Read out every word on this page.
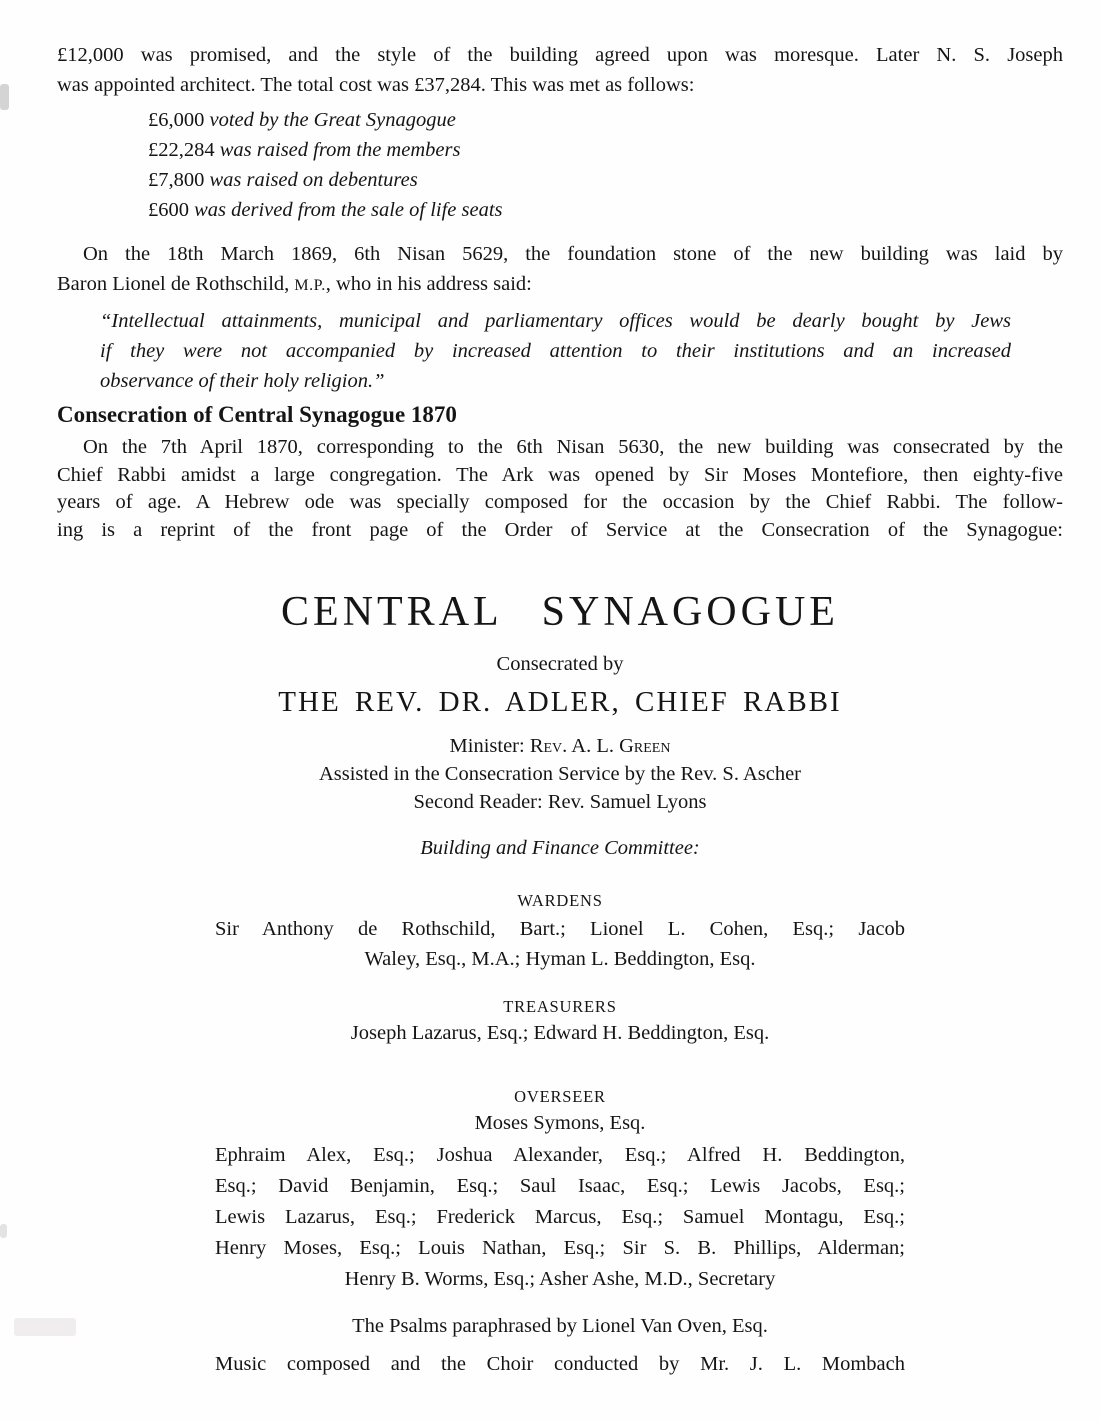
£12,000 was promised, and the style of the building agreed upon was moresque. Later N. S. Joseph
was appointed architect. The total cost was £37,284. This was met as follows:
£6,000 voted by the Great Synagogue
£22,284 was raised from the members
£7,800 was raised on debentures
£600 was derived from the sale of life seats
On the 18th March 1869, 6th Nisan 5629, the foundation stone of the new building was laid by
Baron Lionel de Rothschild, M.P., who in his address said:
“Intellectual attainments, municipal and parliamentary offices would be dearly bought by Jews
if they were not accompanied by increased attention to their institutions and an increased
observance of their holy religion.”
Consecration of Central Synagogue 1870
On the 7th April 1870, corresponding to the 6th Nisan 5630, the new building was consecrated by the
Chief Rabbi amidst a large congregation. The Ark was opened by Sir Moses Montefiore, then eighty-five
years of age. A Hebrew ode was specially composed for the occasion by the Chief Rabbi. The follow-
ing is a reprint of the front page of the Order of Service at the Consecration of the Synagogue:
CENTRAL SYNAGOGUE
Consecrated by
THE REV. DR. ADLER, CHIEF RABBI
Minister: Rev. A. L. Green
Assisted in the Consecration Service by the Rev. S. Ascher
Second Reader: Rev. Samuel Lyons
Building and Finance Committee:
WARDENS
Sir Anthony de Rothschild, Bart.; Lionel L. Cohen, Esq.; Jacob
Waley, Esq., M.A.; Hyman L. Beddington, Esq.
TREASURERS
Joseph Lazarus, Esq.; Edward H. Beddington, Esq.
OVERSEER
Moses Symons, Esq.
Ephraim Alex, Esq.; Joshua Alexander, Esq.; Alfred H. Beddington,
Esq.; David Benjamin, Esq.; Saul Isaac, Esq.; Lewis Jacobs, Esq.;
Lewis Lazarus, Esq.; Frederick Marcus, Esq.; Samuel Montagu, Esq.;
Henry Moses, Esq.; Louis Nathan, Esq.; Sir S. B. Phillips, Alderman;
Henry B. Worms, Esq.; Asher Ashe, M.D., Secretary
The Psalms paraphrased by Lionel Van Oven, Esq.
Music composed and the Choir conducted by Mr. J. L. Mombach
